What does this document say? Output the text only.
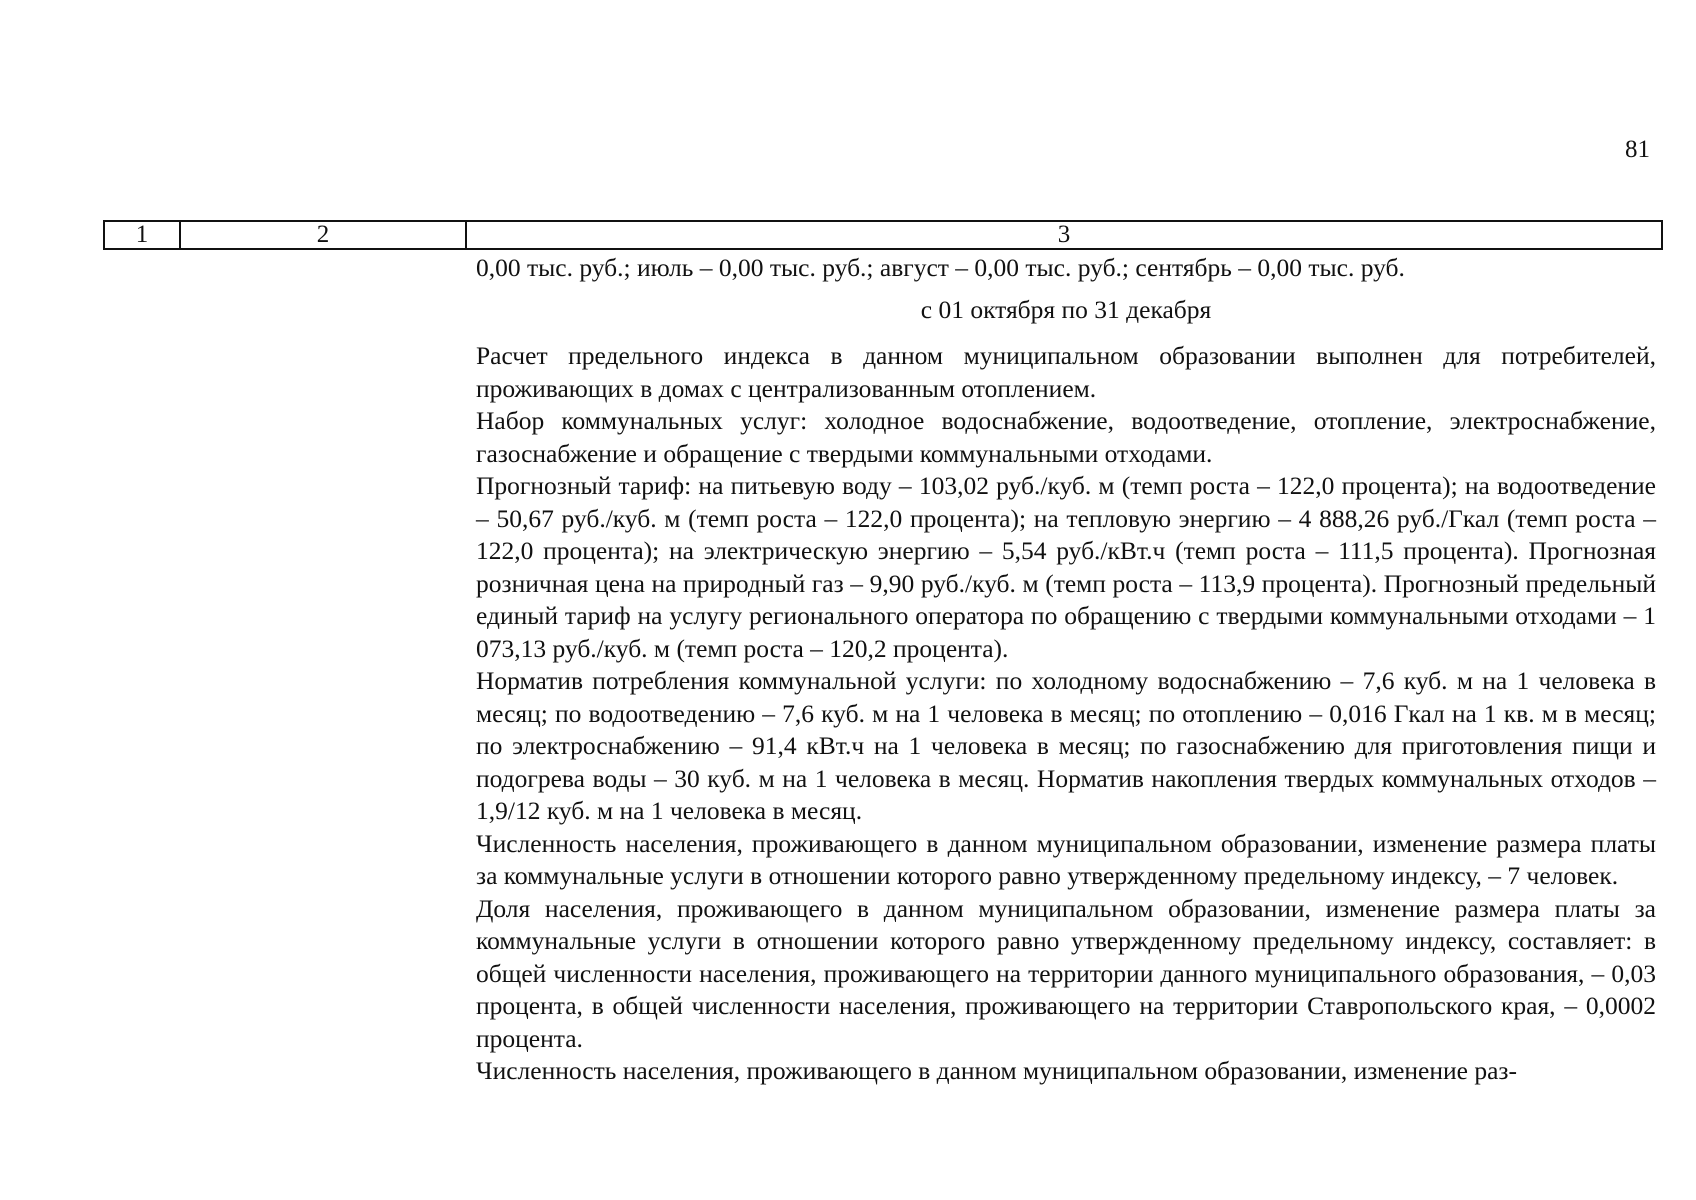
81
1	2	3

0,00 тыс. руб.; июль – 0,00 тыс. руб.; август – 0,00 тыс. руб.; сентябрь – 0,00 тыс. руб.

с 01 октября по 31 декабря

Расчет предельного индекса в данном муниципальном образовании выполнен для потребителей, проживающих в домах с централизованным отоплением.

Набор коммунальных услуг: холодное водоснабжение, водоотведение, отопление, электроснабжение, газоснабжение и обращение с твердыми коммунальными отходами.

Прогнозный тариф: на питьевую воду – 103,02 руб./куб. м (темп роста – 122,0 процента); на водоотведение – 50,67 руб./куб. м (темп роста – 122,0 процента); на тепловую энергию – 4 888,26 руб./Гкал (темп роста – 122,0 процента); на электрическую энергию – 5,54 руб./кВт.ч (темп роста – 111,5 процента). Прогнозная розничная цена на природный газ – 9,90 руб./куб. м (темп роста – 113,9 процента). Прогнозный предельный единый тариф на услугу регионального оператора по обращению с твердыми коммунальными отходами – 1 073,13 руб./куб. м (темп роста – 120,2 процента).

Норматив потребления коммунальной услуги: по холодному водоснабжению – 7,6 куб. м на 1 человека в месяц; по водоотведению – 7,6 куб. м на 1 человека в месяц; по отоплению – 0,016 Гкал на 1 кв. м в месяц; по электроснабжению – 91,4 кВт.ч на 1 человека в месяц; по газоснабжению для приготовления пищи и подогрева воды – 30 куб. м на 1 человека в месяц. Норматив накопления твердых коммунальных отходов – 1,9/12 куб. м на 1 человека в месяц.

Численность населения, проживающего в данном муниципальном образовании, изменение размера платы за коммунальные услуги в отношении которого равно утвержденному предельному индексу, – 7 человек.

Доля населения, проживающего в данном муниципальном образовании, изменение размера платы за коммунальные услуги в отношении которого равно утвержденному предельному индексу, составляет: в общей численности населения, проживающего на территории данного муниципального образования, – 0,03 процента, в общей численности населения, проживающего на территории Ставропольского края, – 0,0002 процента.

Численность населения, проживающего в данном муниципальном образовании, изменение раз-
